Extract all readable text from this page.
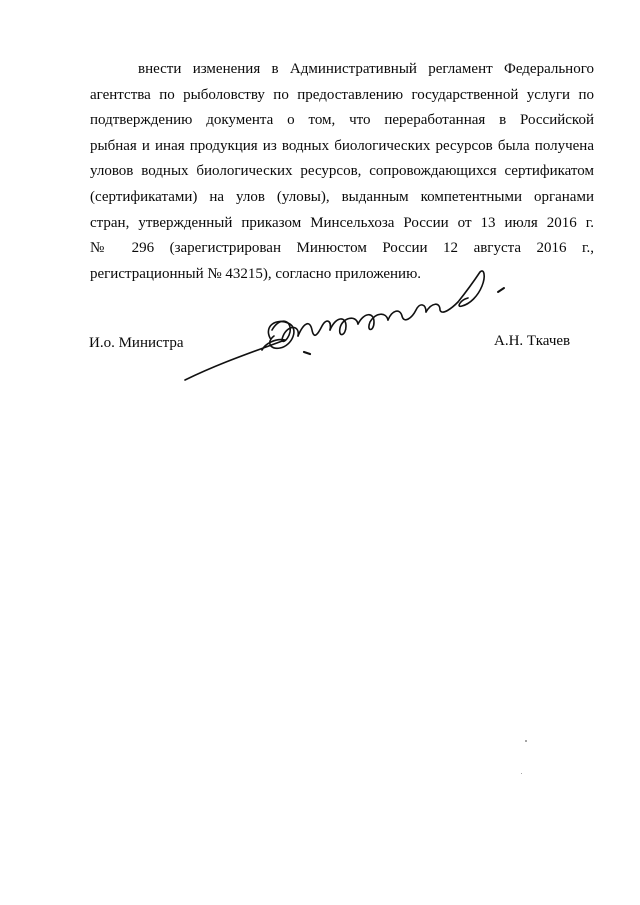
внести изменения в Административный регламент Федерального
агентства по рыболовству по предоставлению государственной услуги по
подтверждению документа о том, что переработанная в Российской
рыбная и иная продукция из водных биологических ресурсов была получена
уловов водных биологических ресурсов, сопровождающихся сертификатом
(сертификатами) на улов (уловы), выданным компетентными органами
стран, утвержденный приказом Минсельхоза России от 13 июля 2016 г.
№ 296 (зарегистрирован Минюстом России 12 августа 2016 г.,
регистрационный № 43215), согласно приложению.
И.о. Министра	А.Н. Ткачев
